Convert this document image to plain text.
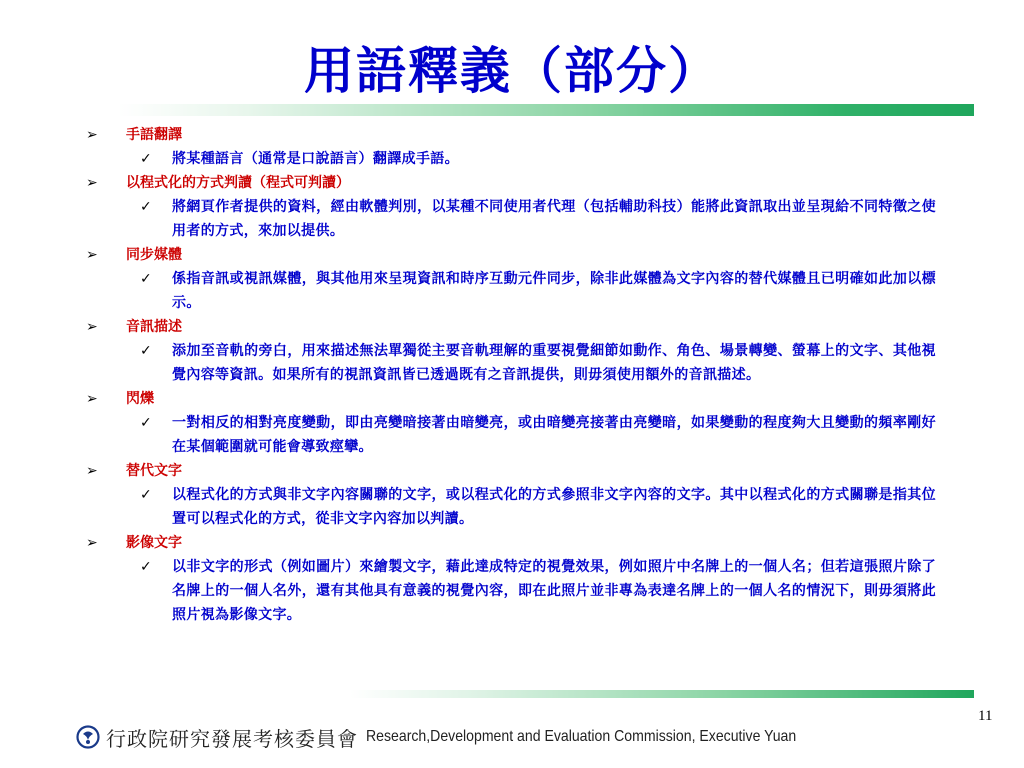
用語釋義（部分）
➢ 手語翻譯
✓ 將某種語言（通常是口說語言）翻譯成手語。
➢ 以程式化的方式判讀（程式可判讀）
✓ 將網頁作者提供的資料，經由軟體判別，以某種不同使用者代理（包括輔助科技）能將此資訊取出並呈現給不同特徵之使用者的方式，來加以提供。
➢ 同步媒體
✓ 係指音訊或視訊媒體，與其他用來呈現資訊和時序互動元件同步，除非此媒體為文字內容的替代媒體且已明確如此加以標示。
➢ 音訊描述
✓ 添加至音軌的旁白，用來描述無法單獨從主要音軌理解的重要視覺細節如動作、角色、場景轉變、螢幕上的文字、其他視覺內容等資訊。如果所有的視訊資訊皆已透過既有之音訊提供，則毋須使用額外的音訊描述。
➢ 閃爍
✓ 一對相反的相對亮度變動，即由亮變暗接著由暗變亮，或由暗變亮接著由亮變暗，如果變動的程度夠大且變動的頻率剛好在某個範圍就可能會導致痙攣。
➢ 替代文字
✓ 以程式化的方式與非文字內容關聯的文字，或以程式化的方式參照非文字內容的文字。其中以程式化的方式關聯是指其位置可以程式化的方式，從非文字內容加以判讀。
➢ 影像文字
✓ 以非文字的形式（例如圖片）來繪製文字，藉此達成特定的視覺效果，例如照片中名牌上的一個人名；但若這張照片除了名牌上的一個人名外，還有其他具有意義的視覺內容，即在此照片並非專為表達名牌上的一個人名的情況下，則毋須將此照片視為影像文字。
11
行政院研究發展考核委員會 Research,Development and Evaluation Commission, Executive Yuan
